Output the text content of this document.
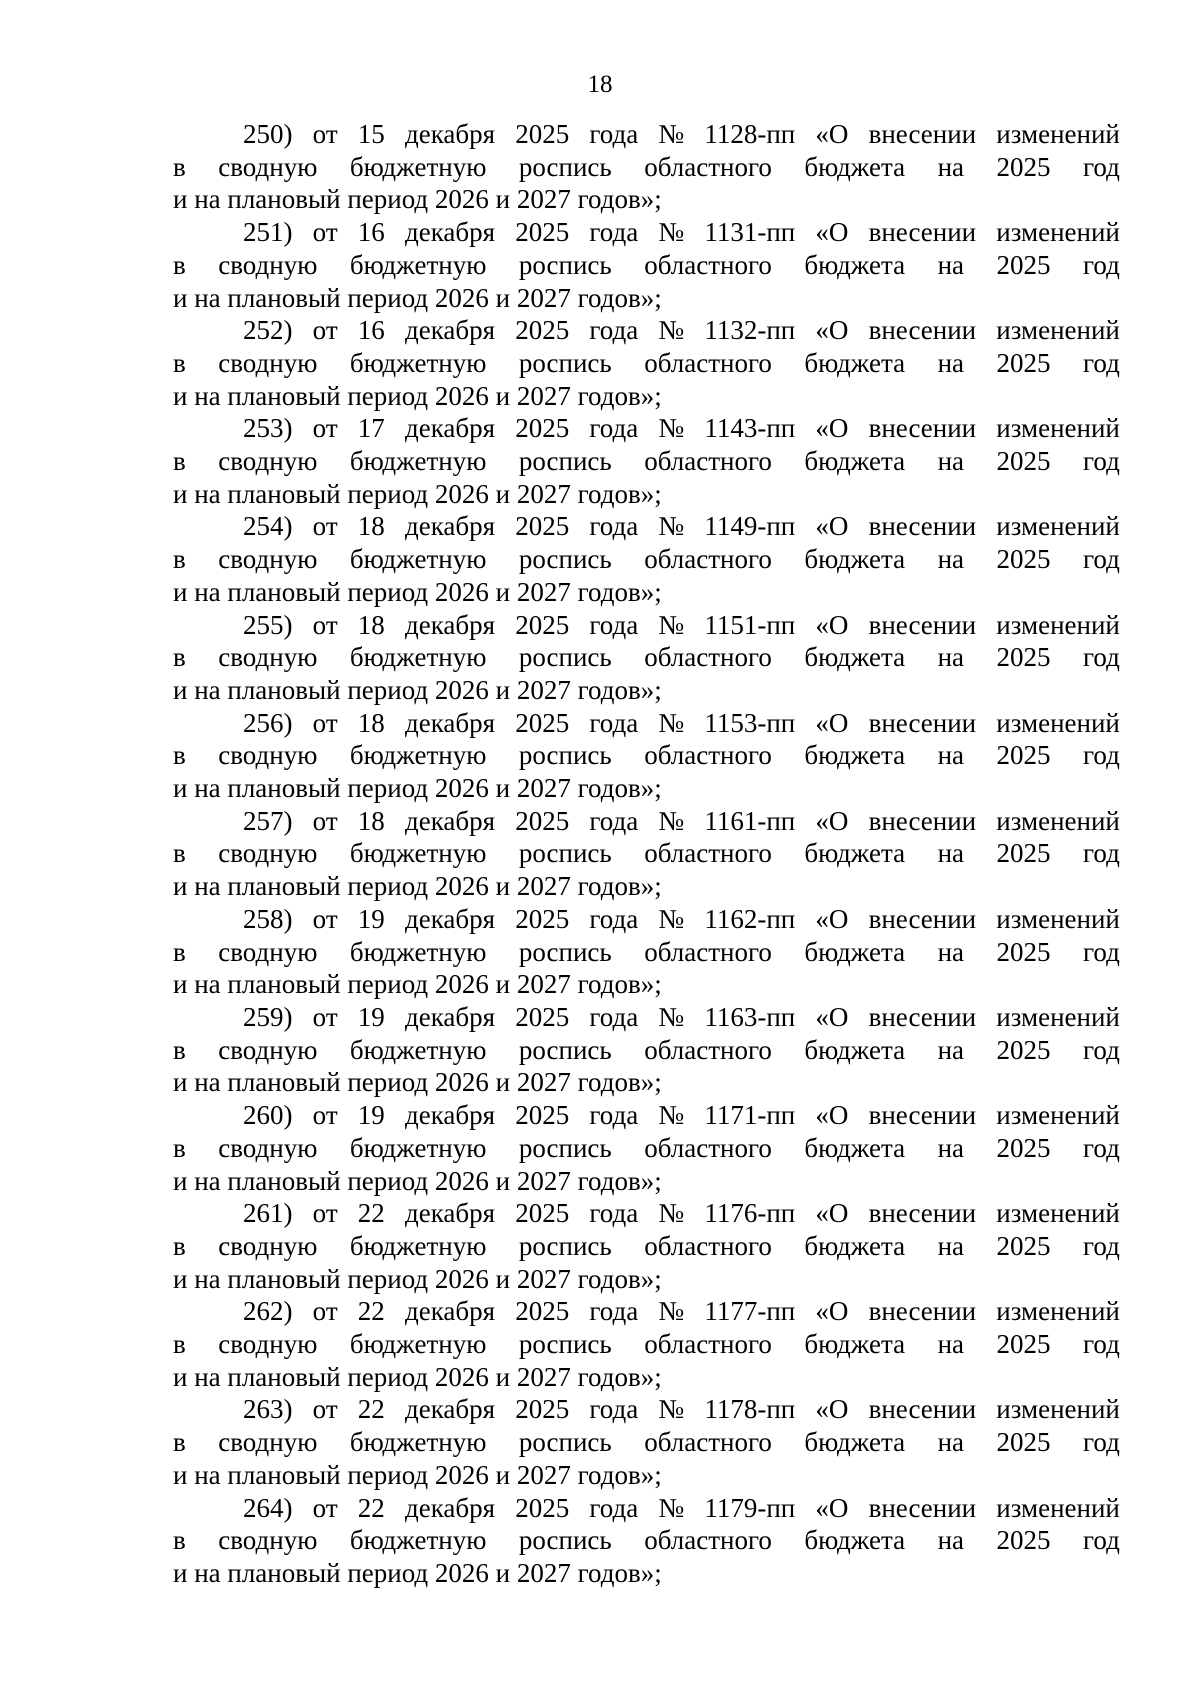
18

250) от 15 декабря 2025 года № 1128-пп «О внесении изменений
в сводную бюджетную роспись областного бюджета на 2025 год
и на плановый период 2026 и 2027 годов»;

251) от 16 декабря 2025 года № 1131-пп «О внесении изменений
в сводную бюджетную роспись областного бюджета на 2025 год
и на плановый период 2026 и 2027 годов»;

252) от 16 декабря 2025 года № 1132-пп «О внесении изменений
в сводную бюджетную роспись областного бюджета на 2025 год
и на плановый период 2026 и 2027 годов»;

253) от 17 декабря 2025 года № 1143-пп «О внесении изменений
в сводную бюджетную роспись областного бюджета на 2025 год
и на плановый период 2026 и 2027 годов»;

254) от 18 декабря 2025 года № 1149-пп «О внесении изменений
в сводную бюджетную роспись областного бюджета на 2025 год
и на плановый период 2026 и 2027 годов»;

255) от 18 декабря 2025 года № 1151-пп «О внесении изменений
в сводную бюджетную роспись областного бюджета на 2025 год
и на плановый период 2026 и 2027 годов»;

256) от 18 декабря 2025 года № 1153-пп «О внесении изменений
в сводную бюджетную роспись областного бюджета на 2025 год
и на плановый период 2026 и 2027 годов»;

257) от 18 декабря 2025 года № 1161-пп «О внесении изменений
в сводную бюджетную роспись областного бюджета на 2025 год
и на плановый период 2026 и 2027 годов»;

258) от 19 декабря 2025 года № 1162-пп «О внесении изменений
в сводную бюджетную роспись областного бюджета на 2025 год
и на плановый период 2026 и 2027 годов»;

259) от 19 декабря 2025 года № 1163-пп «О внесении изменений
в сводную бюджетную роспись областного бюджета на 2025 год
и на плановый период 2026 и 2027 годов»;

260) от 19 декабря 2025 года № 1171-пп «О внесении изменений
в сводную бюджетную роспись областного бюджета на 2025 год
и на плановый период 2026 и 2027 годов»;

261) от 22 декабря 2025 года № 1176-пп «О внесении изменений
в сводную бюджетную роспись областного бюджета на 2025 год
и на плановый период 2026 и 2027 годов»;

262) от 22 декабря 2025 года № 1177-пп «О внесении изменений
в сводную бюджетную роспись областного бюджета на 2025 год
и на плановый период 2026 и 2027 годов»;

263) от 22 декабря 2025 года № 1178-пп «О внесении изменений
в сводную бюджетную роспись областного бюджета на 2025 год
и на плановый период 2026 и 2027 годов»;

264) от 22 декабря 2025 года № 1179-пп «О внесении изменений
в сводную бюджетную роспись областного бюджета на 2025 год
и на плановый период 2026 и 2027 годов»;
